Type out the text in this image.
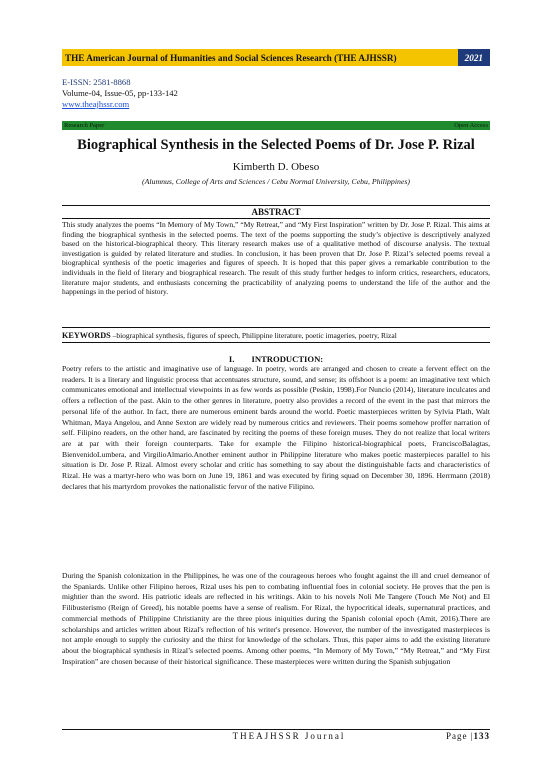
THE American Journal of Humanities and Social Sciences Research (THE AJHSSR)	2021
E-ISSN: 2581-8868
Volume-04, Issue-05, pp-133-142
www.theajhssr.com
Research Paper	Open Access
Biographical Synthesis in the Selected Poems of Dr. Jose P. Rizal
Kimberth D. Obeso
(Alumnus, College of Arts and Sciences / Cebu Normal University, Cebu, Philippines)
ABSTRACT
This study analyzes the poems “In Memory of My Town,” “My Retreat,” and “My First Inspiration” written by Dr. Jose P. Rizal. This aims at finding the biographical synthesis in the selected poems. The text of the poems supporting the study’s objective is descriptively analyzed based on the historical-biographical theory. This literary research makes use of a qualitative method of discourse analysis. The textual investigation is guided by related literature and studies. In conclusion, it has been proven that Dr. Jose P. Rizal’s selected poems reveal a biographical synthesis of the poetic imageries and figures of speech. It is hoped that this paper gives a remarkable contribution to the individuals in the field of literary and biographical research. The result of this study further hedges to inform critics, researchers, educators, literature major students, and enthusiasts concerning the practicability of analyzing poems to understand the life of the author and the happenings in the period of history.
KEYWORDS –biographical synthesis, figures of speech, Philippine literature, poetic imageries, poetry, Rizal
I.        INTRODUCTION:
Poetry refers to the artistic and imaginative use of language. In poetry, words are arranged and chosen to create a fervent effect on the readers. It is a literary and linguistic process that accentuates structure, sound, and sense; its offshoot is a poem: an imaginative text which communicates emotional and intellectual viewpoints in as few words as possible (Peskin, 1998).For Nuncio (2014), literature inculcates and offers a reflection of the past. Akin to the other genres in literature, poetry also provides a record of the event in the past that mirrors the personal life of the author. In fact, there are numerous eminent bards around the world. Poetic masterpieces written by Sylvia Plath, Walt Whitman, Maya Angelou, and Anne Sexton are widely read by numerous critics and reviewers. Their poems somehow proffer narration of self. Filipino readers, on the other hand, are fascinated by reciting the poems of these foreign muses. They do not realize that local writers are at par with their foreign counterparts. Take for example the Filipino historical-biographical poets, FranciscoBalagtas, BienvenidoLumbera, and VirgilioAlmario.Another eminent author in Philippine literature who makes poetic masterpieces parallel to his situation is Dr. Jose P. Rizal. Almost every scholar and critic has something to say about the distinguishable facts and characteristics of Rizal. He was a martyr-hero who was born on June 19, 1861 and was executed by firing squad on December 30, 1896. Herrmann (2018) declares that his martyrdom provokes the nationalistic fervor of the native Filipino.
During the Spanish colonization in the Philippines, he was one of the courageous heroes who fought against the ill and cruel demeanor of the Spaniards. Unlike other Filipino heroes, Rizal uses his pen to combating influential foes in colonial society. He proves that the pen is mightier than the sword. His patriotic ideals are reflected in his writings. Akin to his novels Noli Me Tangere (Touch Me Not) and El Filibusterismo (Reign of Greed), his notable poems have a sense of realism. For Rizal, the hypocritical ideals, supernatural practices, and commercial methods of Philippine Christianity are the three pious iniquities during the Spanish colonial epoch (Amit, 2016).There are scholarships and articles written about Rizal's reflection of his writer's presence. However, the number of the investigated masterpieces is not ample enough to supply the curiosity and the thirst for knowledge of the scholars. Thus, this paper aims to add the existing literature about the biographical synthesis in Rizal’s selected poems. Among other poems, “In Memory of My Town,” “My Retreat,” and “My First Inspiration” are chosen because of their historical significance. These masterpieces were written during the Spanish subjugation
THEAJHSSR Journal	Page |133
